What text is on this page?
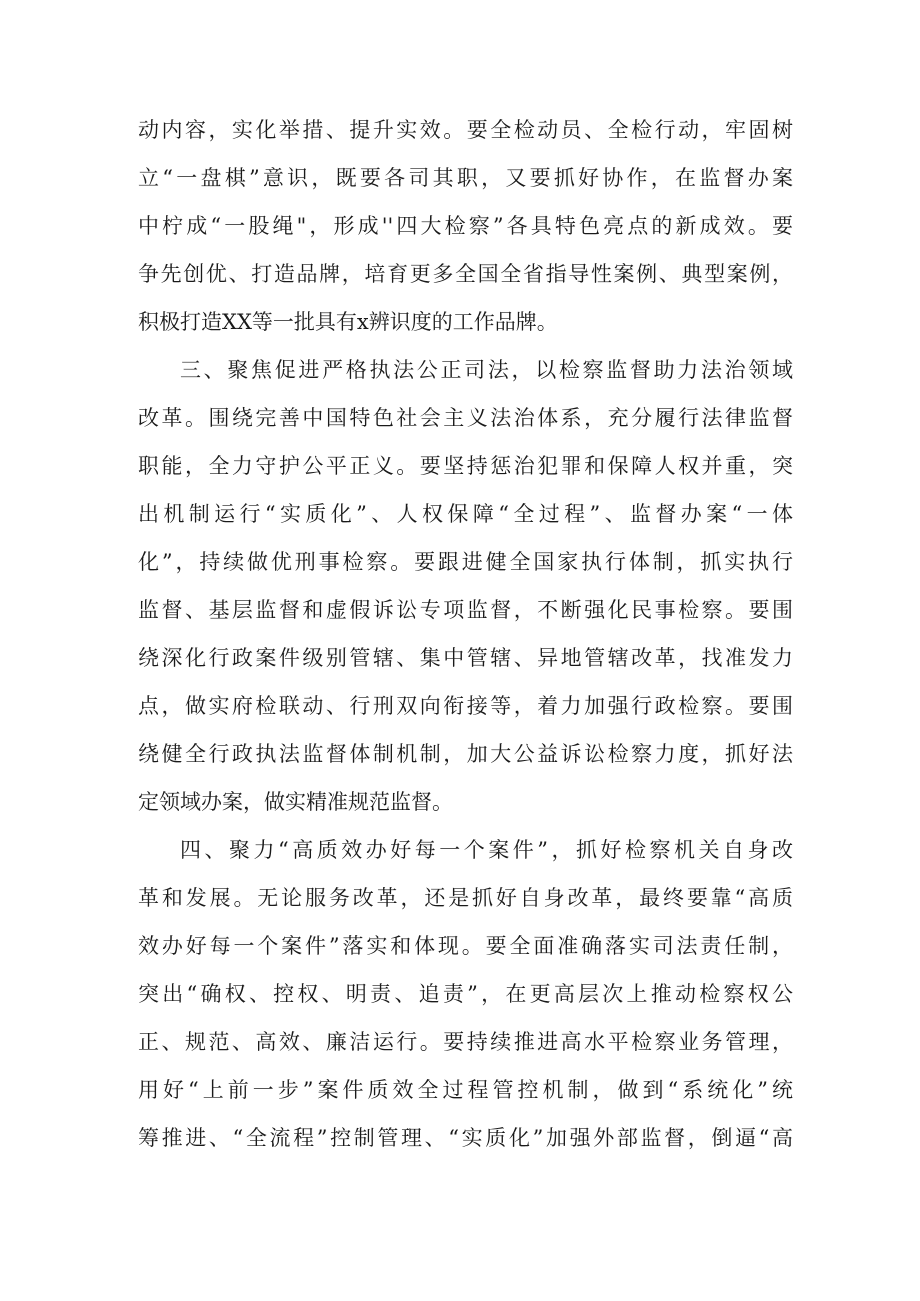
动内容，实化举措、提升实效。要全检动员、全检行动，牢固树
立“一盘棋”意识，既要各司其职，又要抓好协作，在监督办案
中柠成“一股绳"，形成''四大检察”各具特色亮点的新成效。要
争先创优、打造品牌，培育更多全国全省指导性案例、典型案例，
积极打造XX等一批具有x辨识度的工作品牌。
三、聚焦促进严格执法公正司法，以检察监督助力法治领域
改革。围绕完善中国特色社会主义法治体系，充分履行法律监督
职能，全力守护公平正义。要坚持惩治犯罪和保障人权并重，突
出机制运行“实质化”、人权保障“全过程”、监督办案“一体
化”，持续做优刑事检察。要跟进健全国家执行体制，抓实执行
监督、基层监督和虚假诉讼专项监督，不断强化民事检察。要围
绕深化行政案件级别管辖、集中管辖、异地管辖改革，找准发力
点，做实府检联动、行刑双向衔接等，着力加强行政检察。要围
绕健全行政执法监督体制机制，加大公益诉讼检察力度，抓好法
定领域办案，做实精准规范监督。
四、聚力“高质效办好每一个案件”，抓好检察机关自身改
革和发展。无论服务改革，还是抓好自身改革，最终要靠“高质
效办好每一个案件”落实和体现。要全面准确落实司法责任制，
突出“确权、控权、明责、追责”，在更高层次上推动检察权公
正、规范、高效、廉洁运行。要持续推进高水平检察业务管理，
用好“上前一步”案件质效全过程管控机制，做到“系统化”统
筹推进、“全流程”控制管理、“实质化”加强外部监督，倒逼“高
